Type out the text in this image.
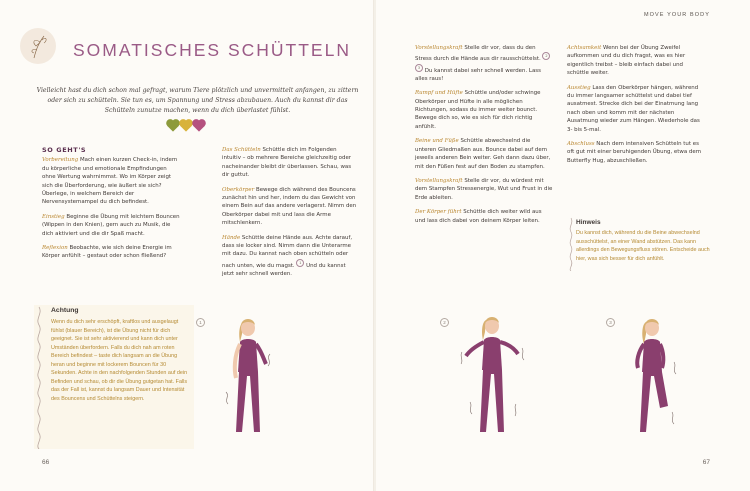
SOMATISCHES SCHÜTTELN
Vielleicht hast du dich schon mal gefragt, warum Tiere plötzlich und unvermittelt anfangen, zu zittern oder sich zu schütteln. Sie tun es, um Spannung und Stress abzubauen. Auch du kannst dir das Schütteln zunutze machen, wenn du dich überlastet fühlst.
SO GEHT'S

Vorbereitung Mach einen kurzen Check-in, indem du körperliche und emotionale Empfindungen ohne Wertung wahrnimmst. Wo im Körper zeigt sich die Überforderung, wie äußert sie sich? Überlege, in welchem Bereich der Nervensystemampel du dich befindest.

Einstieg Beginne die Übung mit leichtem Bouncen (Wippen in den Knien), gern auch zu Musik, die dich aktiviert und die dir Spaß macht.

Reflexion Beobachte, wie sich deine Energie im Körper anfühlt – gestaut oder schon fließend?

Das Schütteln Schüttle dich im Folgenden intuitiv – ob mehrere Bereiche gleichzeitig oder nacheinander bleibt dir überlassen. Schau, was dir guttut.

Oberkörper Bewege dich während des Bouncens zunächst hin und her, indem du das Gewicht von einem Bein auf das andere verlagerst. Nimm den Oberkörper dabei mit und lass die Arme mitschlenkern.

Hände Schüttle deine Hände aus. Achte darauf, dass sie locker sind. Nimm dann die Unterarme mit dazu. Du kannst nach oben schütteln oder nach unten, wie du magst. 1 Und du kannst jetzt sehr schnell werden.

Achtung
Wenn du dich sehr erschöpft, kraftlos und ausgelaugt fühlst (blauer Bereich), ist die Übung nicht für dich geeignet. Sie ist sehr aktivierend und kann dich unter Umständen überfordern. Falls du dich nah am roten Bereich befindest – taste dich langsam an die Übung heran und beginne mit lockerem Bouncen für 30 Sekunden. Achte in den nachfolgenden Stunden auf dein Befinden und schau, ob dir die Übung gutgetan hat. Falls das der Fall ist, kannst du langsam Dauer und Intensität des Bouncens und Schüttelns steigern.
1
66
MOVE YOUR BODY

Vorstellungskraft Stelle dir vor, dass du den Stress durch die Hände aus dir rausschüttelst. 23 Du kannst dabei sehr schnell werden. Lass alles raus!

Rumpf und Hüfte Schüttle und/oder schwinge Oberkörper und Hüfte in alle möglichen Richtungen, sodass du immer weiter bounct. Bewege dich so, wie es sich für dich richtig anfühlt.

Beine und Füße Schüttle abwechselnd die unteren Gliedmaßen aus. Bounce dabei auf dem jeweils anderen Bein weiter. Geh dann dazu über, mit den Füßen fest auf den Boden zu stampfen.

Vorstellungskraft Stelle dir vor, du würdest mit dem Stampfen Stressenergie, Wut und Frust in die Erde ableiten.

Der Körper führt Schüttle dich weiter wild aus und lass dich dabei von deinem Körper leiten.

Achtsamkeit Wenn bei der Übung Zweifel aufkommen und du dich fragst, was es hier eigentlich treibst – bleib einfach dabei und schüttle weiter.

Ausstieg Lass den Oberkörper hängen, während du immer langsamer schüttelst und dabei tief ausatmest. Strecke dich bei der Einatmung lang nach oben und komm mit der nächsten Ausatmung wieder zum Hängen. Wiederhole das 3- bis 5-mal.

Abschluss Nach dem intensiven Schütteln tut es oft gut mit einer beruhigenden Übung, etwa dem Butterfly Hug, abzuschließen.

2	3
Hinweis
Du kannst dich, während du die Beine abwechselnd ausschüttelst, an einer Wand abstützen. Das kann allerdings den Bewegungsfluss stören. Entscheide auch hier, was sich besser für dich anfühlt.
67
